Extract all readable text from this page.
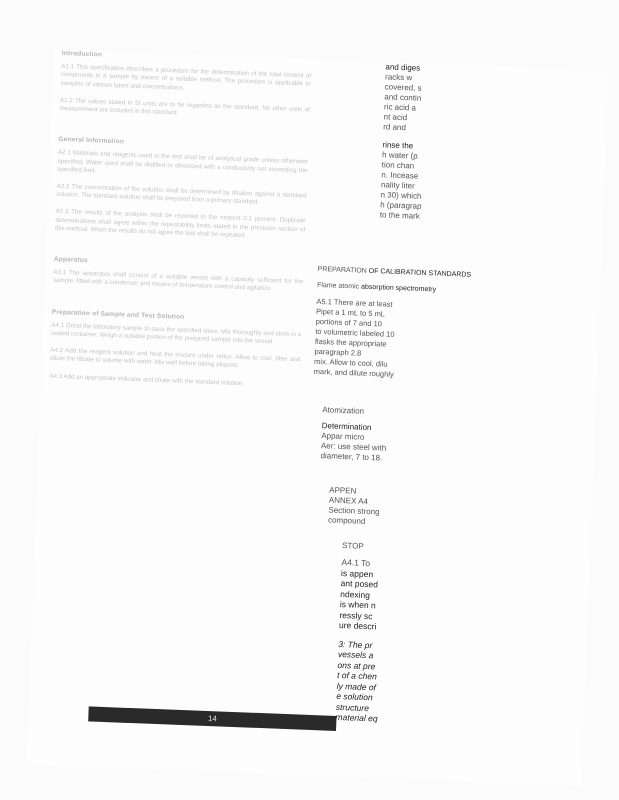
Introduction

A1.1 This specification describes a procedure for the determination of the total content of compounds in a sample by means of a suitable method. The procedure is applicable to samples of various types and concentrations.

A1.2 The values stated in SI units are to be regarded as the standard. No other units of measurement are included in this standard.

General Information

A2.1 Materials and reagents used in the test shall be of analytical grade unless otherwise specified. Water used shall be distilled or deionized with a conductivity not exceeding the specified limit.

A2.2 The concentration of the solution shall be determined by titration against a standard solution. The standard solution shall be prepared from a primary standard.

A2.3 The results of the analysis shall be reported to the nearest 0.1 percent. Duplicate determinations shall agree within the repeatability limits stated in the precision section of this method. When the results do not agree the test shall be repeated.

Apparatus

A3.1 The apparatus shall consist of a suitable vessel with a capacity sufficient for the sample, fitted with a condenser and means of temperature control and agitation.

Preparation of Sample and Test Solution

A4.1 Grind the laboratory sample to pass the specified sieve. Mix thoroughly and store in a sealed container. Weigh a suitable portion of the prepared sample into the vessel.

A4.2 Add the reagent solution and heat the mixture under reflux. Allow to cool, filter and dilute the filtrate to volume with water. Mix well before taking aliquots.

A4.3 Add an appropriate indicator and titrate with the standard solution.

14
and diges
racks w
covered, s
and contin
ric acid a
nt acid
rd and
rinse the
h water (p
tion chan
n. Incease
nality liter
n 30) which
h (paragrap
to the mark
PREPARATION OF CALIBRATION STANDARDS
Flame atomic absorption spectrometry
A5.1 There are at least
Pipet a 1 mL to 5 mL
portions of 7 and 10
to volumetric labeled 10
flasks the appropriate
paragraph 2.8
mix. Allow to cool, dilu
mark, and dilute roughly
Atomization
Determination
Appar micro
Aer: use steel with
diameter, 7 to 18.
APPEN
ANNEX A4
Section strong
compound
STOP
A4.1 To
is appen
ant posed
ndexing
is when n
ressly sc
ure descri
3: The pr
vessels a
ons at pre
t of a chen
ly made of
e solution
structure
material eq
